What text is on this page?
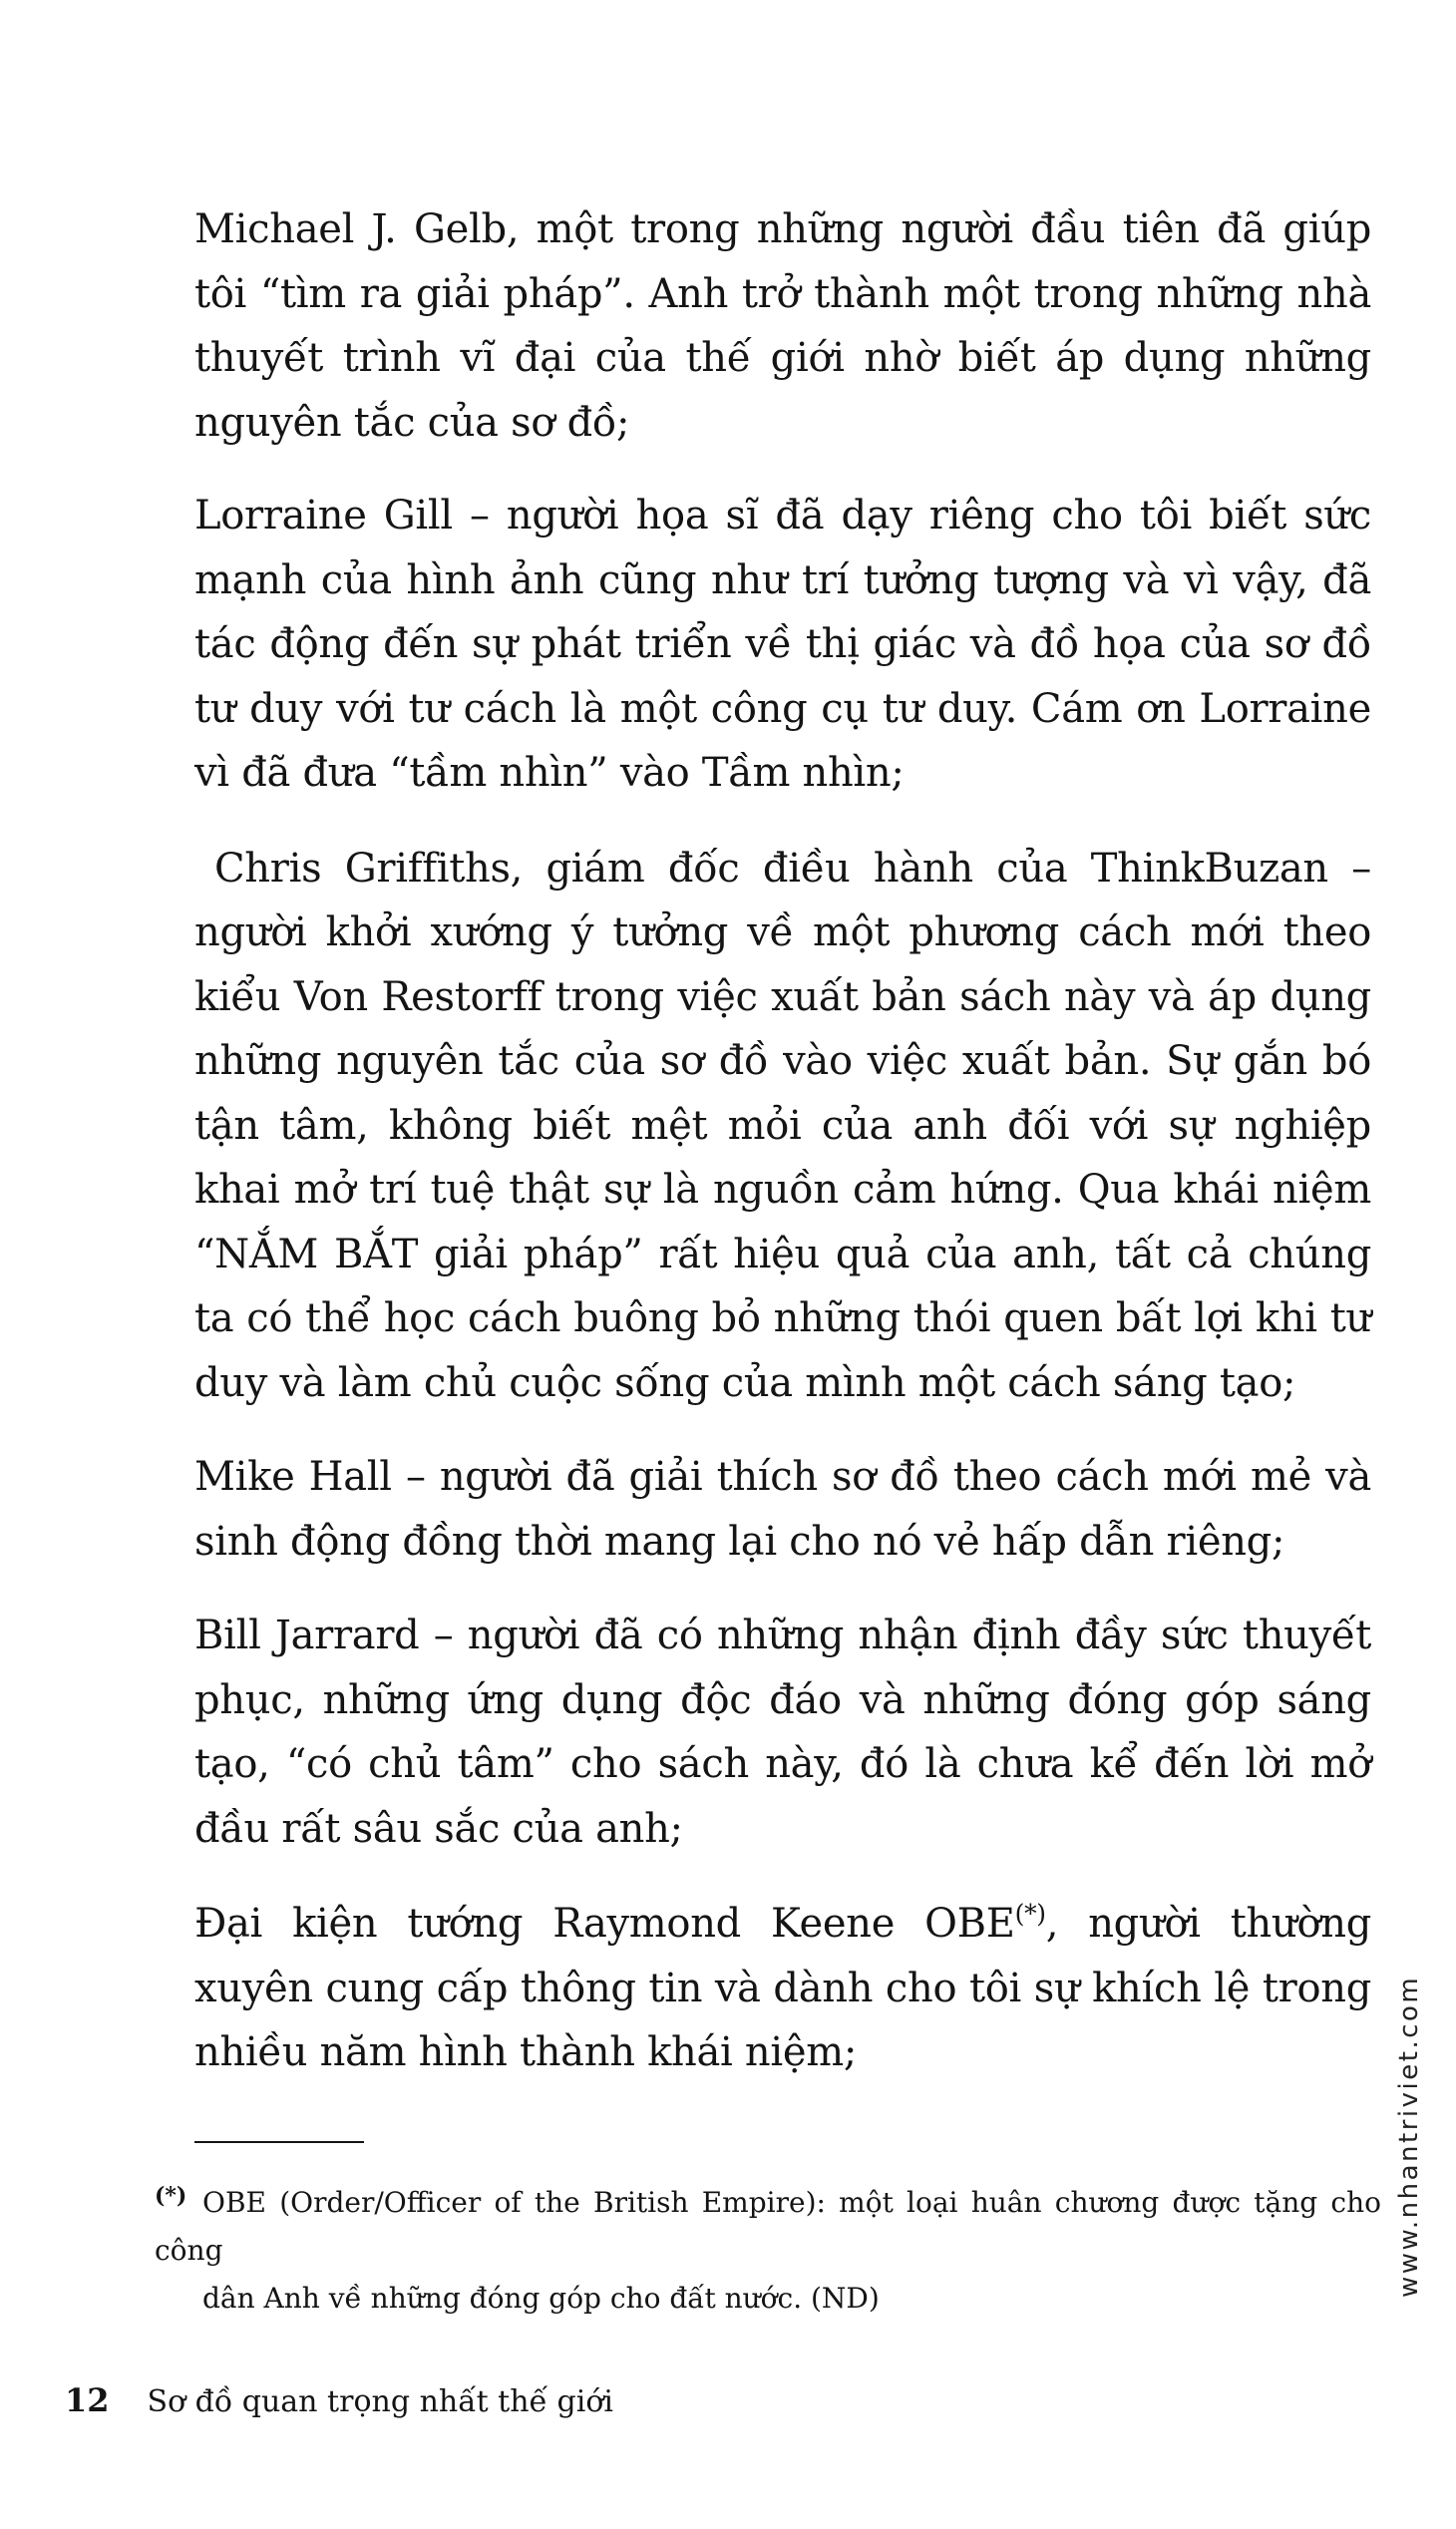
Michael J. Gelb, một trong những người đầu tiên đã giúp tôi “tìm ra giải pháp”. Anh trở thành một trong những nhà thuyết trình vĩ đại của thế giới nhờ biết áp dụng những nguyên tắc của sơ đồ;

Lorraine Gill – người họa sĩ đã dạy riêng cho tôi biết sức mạnh của hình ảnh cũng như trí tưởng tượng và vì vậy, đã tác động đến sự phát triển về thị giác và đồ họa của sơ đồ tư duy với tư cách là một công cụ tư duy. Cám ơn Lorraine vì đã đưa “tầm nhìn” vào Tầm nhìn;

Chris Griffiths, giám đốc điều hành của ThinkBuzan – người khởi xướng ý tưởng về một phương cách mới theo kiểu Von Restorff trong việc xuất bản sách này và áp dụng những nguyên tắc của sơ đồ vào việc xuất bản. Sự gắn bó tận tâm, không biết mệt mỏi của anh đối với sự nghiệp khai mở trí tuệ thật sự là nguồn cảm hứng. Qua khái niệm “NẮM BẮT giải pháp” rất hiệu quả của anh, tất cả chúng ta có thể học cách buông bỏ những thói quen bất lợi khi tư duy và làm chủ cuộc sống của mình một cách sáng tạo;

Mike Hall – người đã giải thích sơ đồ theo cách mới mẻ và sinh động đồng thời mang lại cho nó vẻ hấp dẫn riêng;

Bill Jarrard – người đã có những nhận định đầy sức thuyết phục, những ứng dụng độc đáo và những đóng góp sáng tạo, “có chủ tâm” cho sách này, đó là chưa kể đến lời mở đầu rất sâu sắc của anh;

Đại kiện tướng Raymond Keene OBE(*), người thường xuyên cung cấp thông tin và dành cho tôi sự khích lệ trong nhiều năm hình thành khái niệm;

(*) OBE (Order/Officer of the British Empire): một loại huân chương được tặng cho công
dân Anh về những đóng góp cho đất nước. (ND)
12 Sơ đồ quan trọng nhất thế giới
www.nhantriviet.com
